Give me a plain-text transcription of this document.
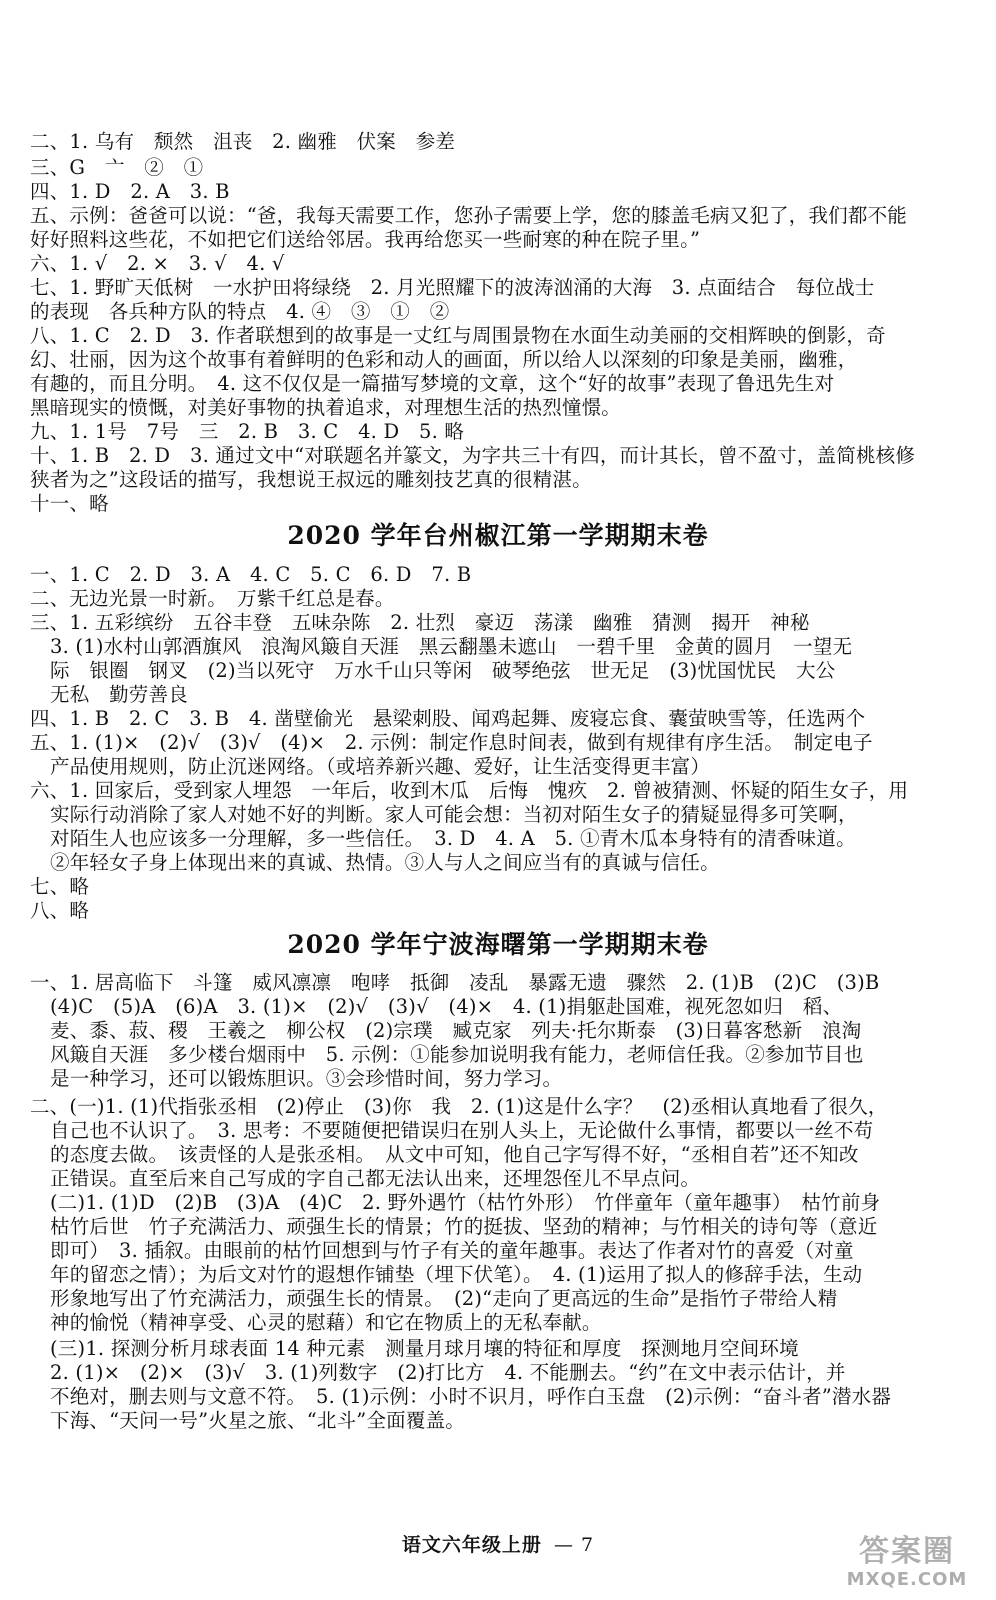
二、1. 乌有　颓然　沮丧　2. 幽雅　伏案　参差
三、G　亠　②　①
四、1. D　2. A　3. B
五、示例：爸爸可以说：“爸，我每天需要工作，您孙子需要上学，您的膝盖毛病又犯了，我们都不能
好好照料这些花，不如把它们送给邻居。我再给您买一些耐寒的种在院子里。”
六、1. √　2. ×　3. √　4. √
七、1. 野旷天低树　一水护田将绿绕　2. 月光照耀下的波涛汹涌的大海　3. 点面结合　每位战士
的表现　各兵种方队的特点　4. ④　③　①　②
八、1. C　2. D　3. 作者联想到的故事是一丈红与周围景物在水面生动美丽的交相辉映的倒影，奇
幻、壮丽，因为这个故事有着鲜明的色彩和动人的画面，所以给人以深刻的印象是美丽，幽雅，
有趣的，而且分明。　4. 这不仅仅是一篇描写梦境的文章，这个“好的故事”表现了鲁迅先生对
黑暗现实的愤慨，对美好事物的执着追求，对理想生活的热烈憧憬。
九、1. 1号　7号　三　2. B　3. C　4. D　5. 略
十、1. B　2. D　3. 通过文中“对联题名并篆文，为字共三十有四，而计其长，曾不盈寸，盖简桃核修
狭者为之”这段话的描写，我想说王叔远的雕刻技艺真的很精湛。
十一、略
2020 学年台州椒江第一学期期末卷
一、1. C　2. D　3. A　4. C　5. C　6. D　7. B
二、无边光景一时新。　万紫千红总是春。
三、1. 五彩缤纷　五谷丰登　五味杂陈　2. 壮烈　豪迈　荡漾　幽雅　猜测　揭开　神秘
3. (1)水村山郭酒旗风　浪淘风簸自天涯　黑云翻墨未遮山　一碧千里　金黄的圆月　一望无
际　银圈　钢叉　(2)当以死守　万水千山只等闲　破琴绝弦　世无足　(3)忧国忧民　大公
无私　勤劳善良
四、1. B　2. C　3. B　4. 凿壁偷光　悬梁刺股、闻鸡起舞、废寝忘食、囊萤映雪等，任选两个
五、1. (1)×　(2)√　(3)√　(4)×　2. 示例：制定作息时间表，做到有规律有序生活。　制定电子
产品使用规则，防止沉迷网络。（或培养新兴趣、爱好，让生活变得更丰富）
六、1. 回家后，受到家人埋怨　一年后，收到木瓜　后悔　愧疚　2. 曾被猜测、怀疑的陌生女子，用
实际行动消除了家人对她不好的判断。家人可能会想：当初对陌生女子的猜疑显得多可笑啊，
对陌生人也应该多一分理解，多一些信任。　3. D　4. A　5. ①青木瓜本身特有的清香味道。
②年轻女子身上体现出来的真诚、热情。③人与人之间应当有的真诚与信任。
七、略
八、略
2020 学年宁波海曙第一学期期末卷
一、1. 居高临下　斗篷　威风凛凛　咆哮　抵御　凌乱　暴露无遗　骤然　2. (1)B　(2)C　(3)B
(4)C　(5)A　(6)A　3. (1)×　(2)√　(3)√　(4)×　4. (1)捐躯赴国难，视死忽如归　稻、
麦、黍、菽、稷　王羲之　柳公权　(2)宗璞　臧克家　列夫·托尔斯泰　(3)日暮客愁新　浪淘
风簸自天涯　多少楼台烟雨中　5. 示例：①能参加说明我有能力，老师信任我。②参加节目也
是一种学习，还可以锻炼胆识。③会珍惜时间，努力学习。
二、(一)1. (1)代指张丞相　(2)停止　(3)你　我　2. (1)这是什么字？　(2)丞相认真地看了很久，
自己也不认识了。　3. 思考：不要随便把错误归在别人头上，无论做什么事情，都要以一丝不苟
的态度去做。　该责怪的人是张丞相。　从文中可知，他自己字写得不好，“丞相自若”还不知改
正错误。直至后来自己写成的字自己都无法认出来，还埋怨侄儿不早点问。
(二)1. (1)D　(2)B　(3)A　(4)C　2. 野外遇竹（枯竹外形）　竹伴童年（童年趣事）　枯竹前身
枯竹后世　竹子充满活力、顽强生长的情景；竹的挺拔、坚劲的精神；与竹相关的诗句等（意近
即可）　3. 插叙。由眼前的枯竹回想到与竹子有关的童年趣事。表达了作者对竹的喜爱（对童
年的留恋之情）；为后文对竹的遐想作铺垫（埋下伏笔）。　4. (1)运用了拟人的修辞手法，生动
形象地写出了竹充满活力，顽强生长的情景。　(2)“走向了更高远的生命”是指竹子带给人精
神的愉悦（精神享受、心灵的慰藉）和它在物质上的无私奉献。
(三)1. 探测分析月球表面 14 种元素　测量月球月壤的特征和厚度　探测地月空间环境
2. (1)×　(2)×　(3)√　3. (1)列数字　(2)打比方　4. 不能删去。“约”在文中表示估计，并
不绝对，删去则与文意不符。　5. (1)示例：小时不识月，呼作白玉盘　(2)示例：“奋斗者”潜水器
下海、“天问一号”火星之旅、“北斗”全面覆盖。
语文六年级上册 — 7	答案圈
MXQE.COM
